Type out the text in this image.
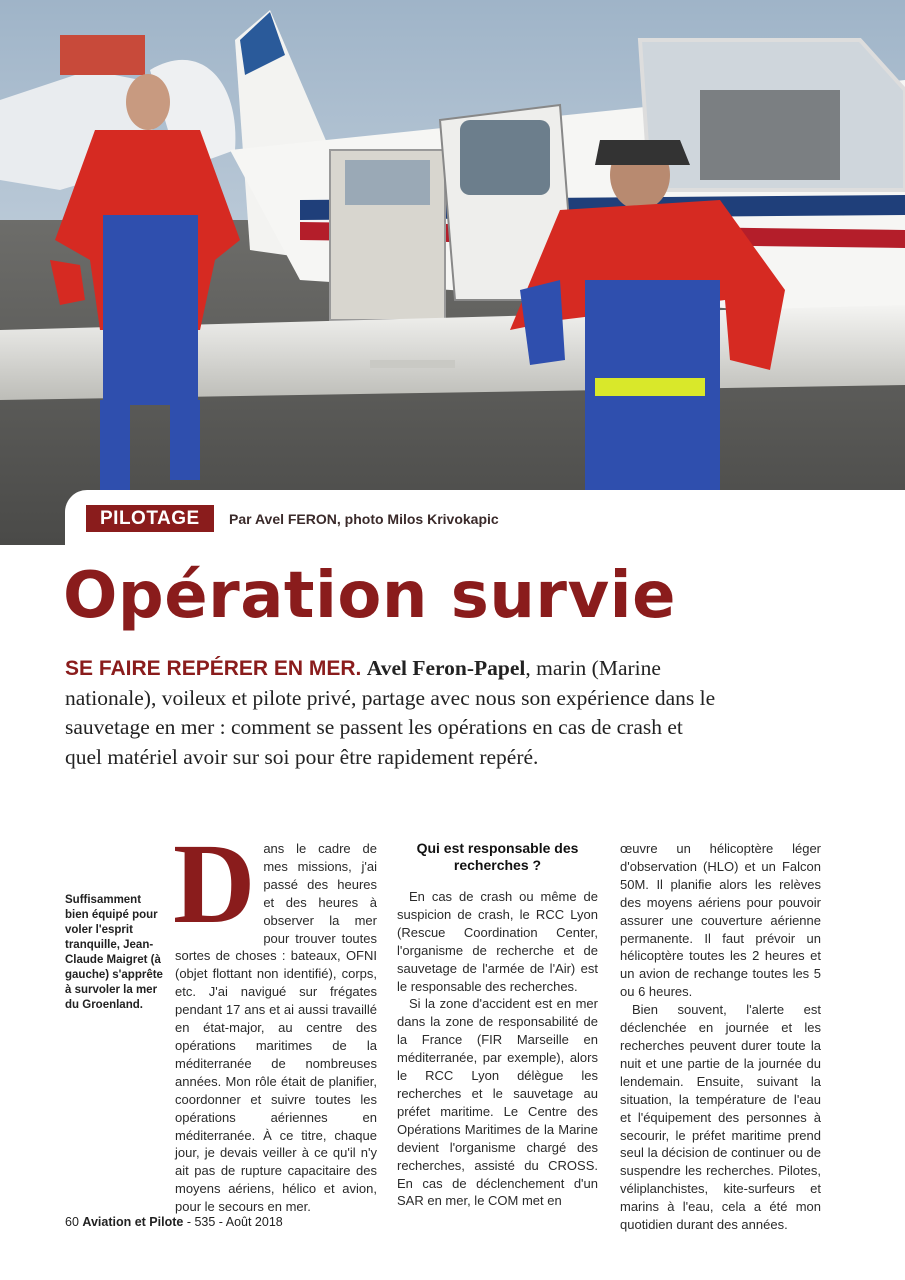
PILOTAGE	Par Avel FERON, photo Milos Krivokapic
Opération survie

SE FAIRE REPÉRER EN MER. Avel Feron-Papel, marin (Marine nationale), voileux et pilote privé, partage avec nous son expérience dans le sauvetage en mer : comment se passent les opérations en cas de crash et quel matériel avoir sur soi pour être rapidement repéré.

Suffisamment bien équipé pour voler l'esprit tranquille, Jean-Claude Maigret (à gauche) s'apprête à survoler la mer du Groenland.

D ans le cadre de mes missions, j'ai passé des heures et des heures à observer la mer pour trouver toutes sortes de choses : bateaux, OFNI (objet flottant non identifié), corps, etc. J'ai navigué sur frégates pendant 17 ans et ai aussi travaillé en état-major, au centre des opérations maritimes de la méditerranée de nombreuses années. Mon rôle était de planifier, coordonner et suivre toutes les opérations aériennes en méditerranée. À ce titre, chaque jour, je devais veiller à ce qu'il n'y ait pas de rupture capacitaire des moyens aériens, hélico et avion, pour le secours en mer.

Qui est responsable des recherches ?

En cas de crash ou même de suspicion de crash, le RCC Lyon (Rescue Coordination Center, l'organisme de recherche et de sauvetage de l'armée de l'Air) est le responsable des recherches.

Si la zone d'accident est en mer dans la zone de responsabilité de la France (FIR Marseille en méditerranée, par exemple), alors le RCC Lyon délègue les recherches et le sauvetage au préfet maritime. Le Centre des Opérations Maritimes de la Marine devient l'organisme chargé des recherches, assisté du CROSS. En cas de déclenchement d'un SAR en mer, le COM met en

œuvre un hélicoptère léger d'observation (HLO) et un Falcon 50M. Il planifie alors les relèves des moyens aériens pour pouvoir assurer une couverture aérienne permanente. Il faut prévoir un hélicoptère toutes les 2 heures et un avion de rechange toutes les 5 ou 6 heures.

Bien souvent, l'alerte est déclenchée en journée et les recherches peuvent durer toute la nuit et une partie de la journée du lendemain. Ensuite, suivant la situation, la température de l'eau et l'équipement des personnes à secourir, le préfet maritime prend seul la décision de continuer ou de suspendre les recherches. Pilotes, véliplanchistes, kite-surfeurs et marins à l'eau, cela a été mon quotidien durant des années.

60 Aviation et Pilote - 535 - Août 2018
